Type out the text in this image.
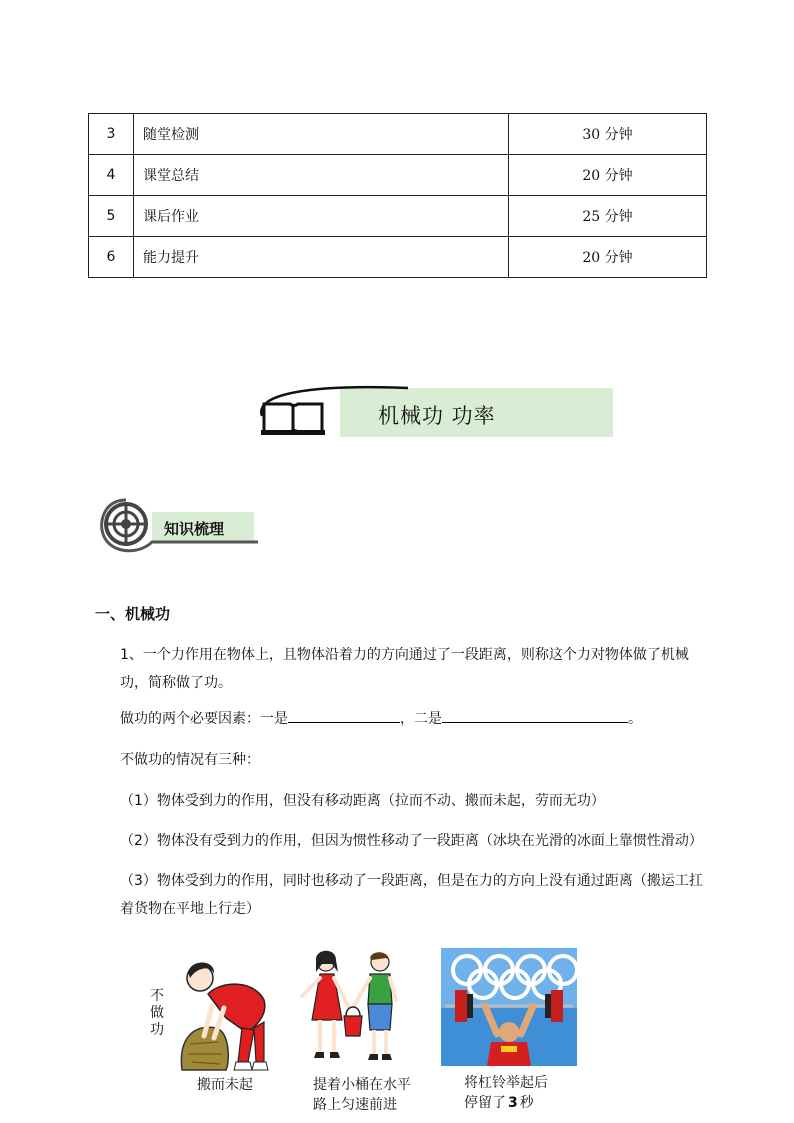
3	随堂检测	30 分钟
4	课堂总结	20 分钟
5	课后作业	25 分钟
6	能力提升	20 分钟
机械功 功率
知识梳理
一、机械功
1、一个力作用在物体上，且物体沿着力的方向通过了一段距离，则称这个力对物体做了机械功，简称做了功。
做功的两个必要因素：一是	，二是	。
不做功的情况有三种：
（1）物体受到力的作用，但没有移动距离（拉而不动、搬而未起，劳而无功）
（2）物体没有受到力的作用，但因为惯性移动了一段距离（冰块在光滑的冰面上靠惯性滑动）
（3）物体受到力的作用，同时也移动了一段距离，但是在力的方向上没有通过距离（搬运工扛着货物在平地上行走）
不做功
搬而未起	提着小桶在水平
路上匀速前进
将杠铃举起后
停留了 3 秒
